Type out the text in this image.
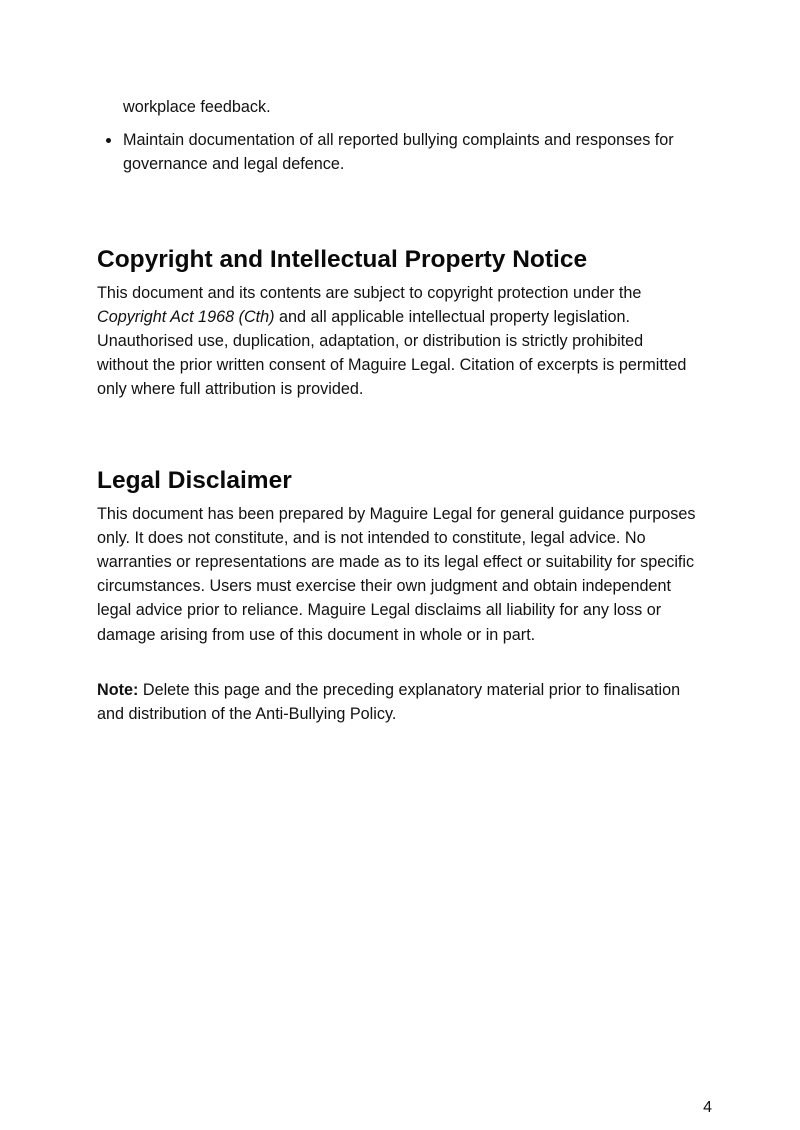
workplace feedback.

Maintain documentation of all reported bullying complaints and responses for governance and legal defence.
Copyright and Intellectual Property Notice

This document and its contents are subject to copyright protection under the Copyright Act 1968 (Cth) and all applicable intellectual property legislation. Unauthorised use, duplication, adaptation, or distribution is strictly prohibited without the prior written consent of Maguire Legal. Citation of excerpts is permitted only where full attribution is provided.

Legal Disclaimer

This document has been prepared by Maguire Legal for general guidance purposes only. It does not constitute, and is not intended to constitute, legal advice. No warranties or representations are made as to its legal effect or suitability for specific circumstances. Users must exercise their own judgment and obtain independent legal advice prior to reliance. Maguire Legal disclaims all liability for any loss or damage arising from use of this document in whole or in part.

Note: Delete this page and the preceding explanatory material prior to finalisation and distribution of the Anti-Bullying Policy.

4
